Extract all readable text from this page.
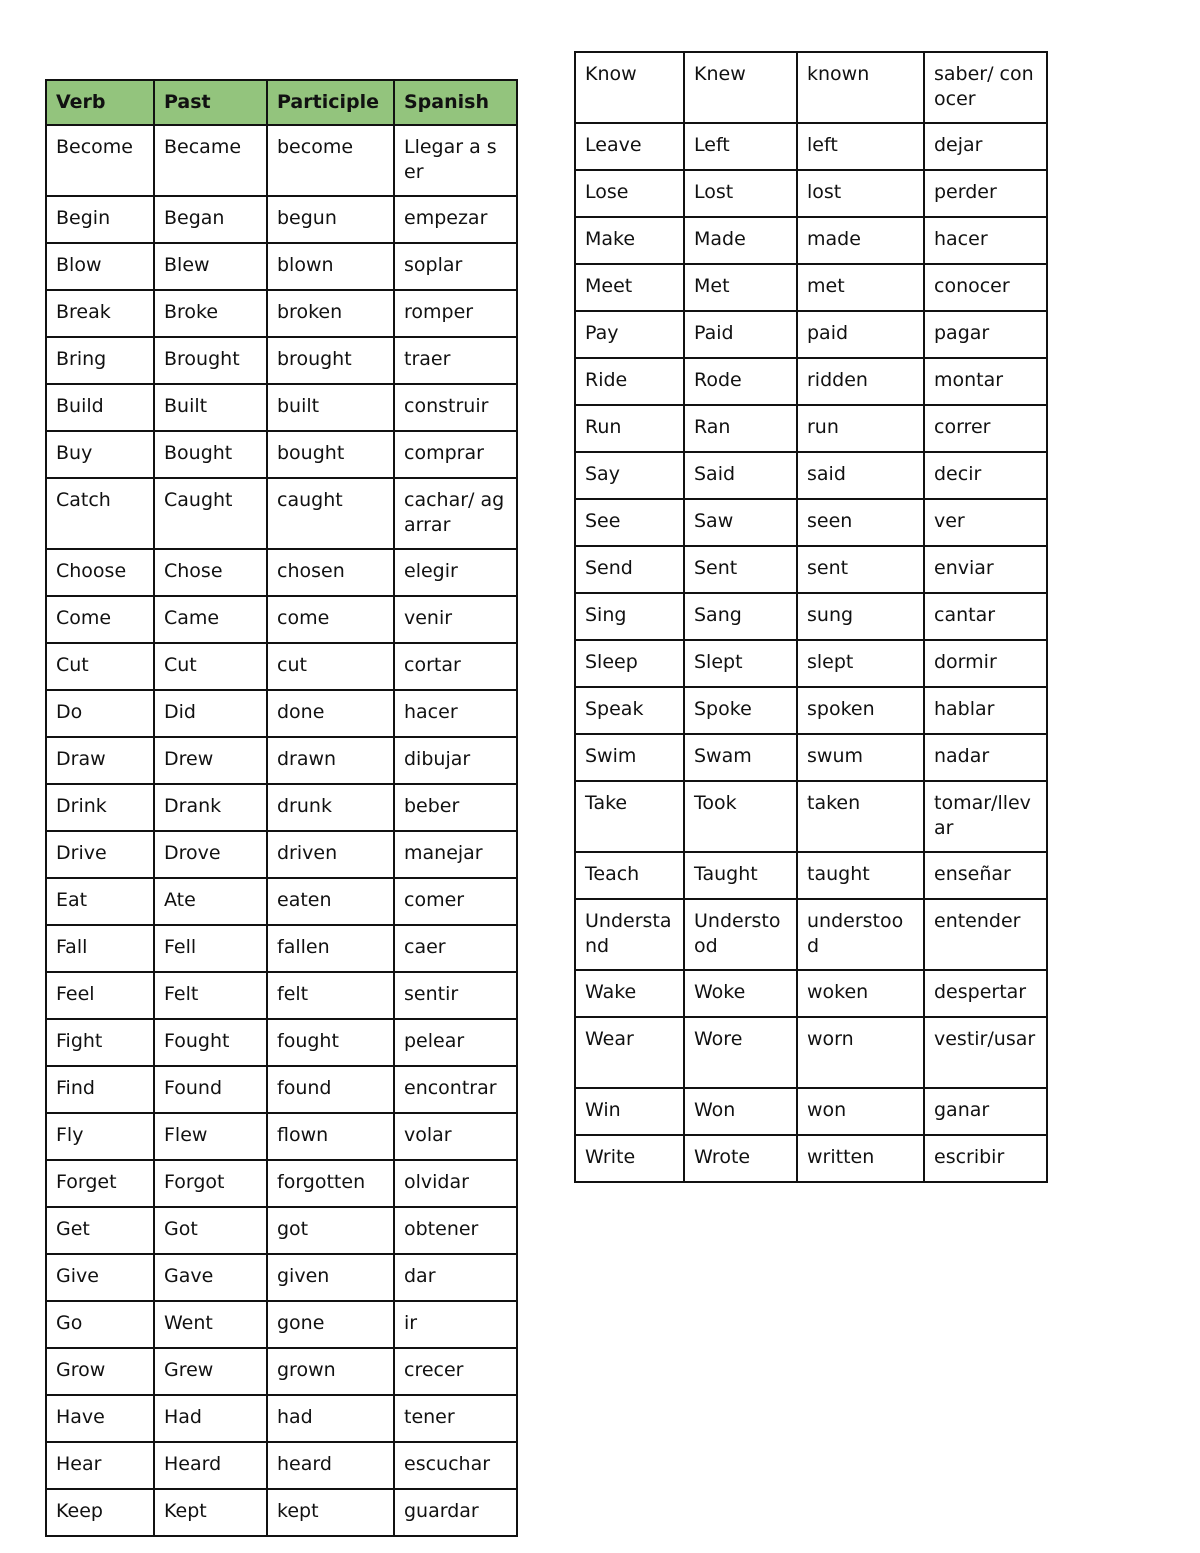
Verb	Past	Participle	Spanish
Become	Became	become	Llegar a ser
Begin	Began	begun	empezar
Blow	Blew	blown	soplar
Break	Broke	broken	romper
Bring	Brought	brought	traer
Build	Built	built	construir
Buy	Bought	bought	comprar
Catch	Caught	caught	cachar/ agarrar
Choose	Chose	chosen	elegir
Come	Came	come	venir
Cut	Cut	cut	cortar
Do	Did	done	hacer
Draw	Drew	drawn	dibujar
Drink	Drank	drunk	beber
Drive	Drove	driven	manejar
Eat	Ate	eaten	comer
Fall	Fell	fallen	caer
Feel	Felt	felt	sentir
Fight	Fought	fought	pelear
Find	Found	found	encontrar
Fly	Flew	flown	volar
Forget	Forgot	forgotten	olvidar
Get	Got	got	obtener
Give	Gave	given	dar
Go	Went	gone	ir
Grow	Grew	grown	crecer
Have	Had	had	tener
Hear	Heard	heard	escuchar
Keep	Kept	kept	guardar
Know	Knew	known	saber/ conocer
Leave	Left	left	dejar
Lose	Lost	lost	perder
Make	Made	made	hacer
Meet	Met	met	conocer
Pay	Paid	paid	pagar
Ride	Rode	ridden	montar
Run	Ran	run	correr
Say	Said	said	decir
See	Saw	seen	ver
Send	Sent	sent	enviar
Sing	Sang	sung	cantar
Sleep	Slept	slept	dormir
Speak	Spoke	spoken	hablar
Swim	Swam	swum	nadar
Take	Took	taken	tomar/llevar
Teach	Taught	taught	enseñar
Understand	Understood	understood	entender
Wake	Woke	woken	despertar
Wear	Wore	worn	vestir/usar
Win	Won	won	ganar
Write	Wrote	written	escribir
